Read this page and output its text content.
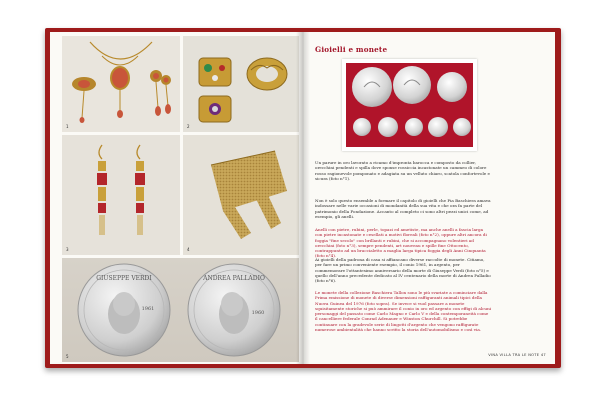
1	2
3	4
GIUSEPPE VERDI
1961
ANDREA PALLADIO
1960
5
Gioielli e monete

Un parure in oro lavorato a ricamo d'impronta barocca e composto da collier, orecchini pendenti e spilla dove sponse rossiccia incastonate un cammeo di colore rosso ragionevole pomponato e adagiata su un velluto chiaro, scatola confortevole e sicura (foto n°1).

Non è solo questo ensemble a formare il capitolo di gioielli che Pia Baschiera amava indossare nelle varie occasioni di mondanità della sua vita e che ora fa parte del patrimonio della Fondazione. Accanto al completo ci sono altri pezzi unici come, ad esempio, gli anelli.

Anelli con pietre, rubini, perle, topazi ed ametiste, ma anche anelli a fascia larga con pietre incastonate e cesellati a motivi floreali (foto n°2), oppure altri ancora di foggia "fine secolo" con brillanti e rubini, che si accompagnano volentieri ad orecchini (foto n°3), sempre pendenti, art nouveau e spille fine Ottocento, contrappunto ad un braccialetto a maglia larga tipica foggia degli Anni Cinquanta (foto n°4).

Ai gioielli della padrona di casa si affiancano diverse raccolte di monete. Citiamo, per fare un primo conveniente esempio, il conio 1961, in argento, per commemorare l'ottantesimo anniversario della morte di Giuseppe Verdi (foto n°5) e quello dell'anno precedente dedicato al IV centenario della morte di Andrea Palladio (foto n°6).

Le monete della collezione Baschiera Tallon sono le più svariate a cominciare dalla Prima emissione di monete di diverse dimensioni raffiguranti animali tipici della Nuova Guinea del 1976 (foto sopra). Se invece si vuol passare a monete squisitamente storiche si può ammirare il conio in oro ed argento con effigi di alcuni personaggi del passato come Carlo Magno e Carlo V e della contemporaneità come il cancelliere federale Conrad Adenauer e Winston Churchill. Si potrebbe continuare con la gradevole serie di lingotti d'argento che vengono raffigurate numerose ambientalità che hanno scritto la storia dell'automobilismo e così via.

VINA VILLA TRA LE NOTE 47
